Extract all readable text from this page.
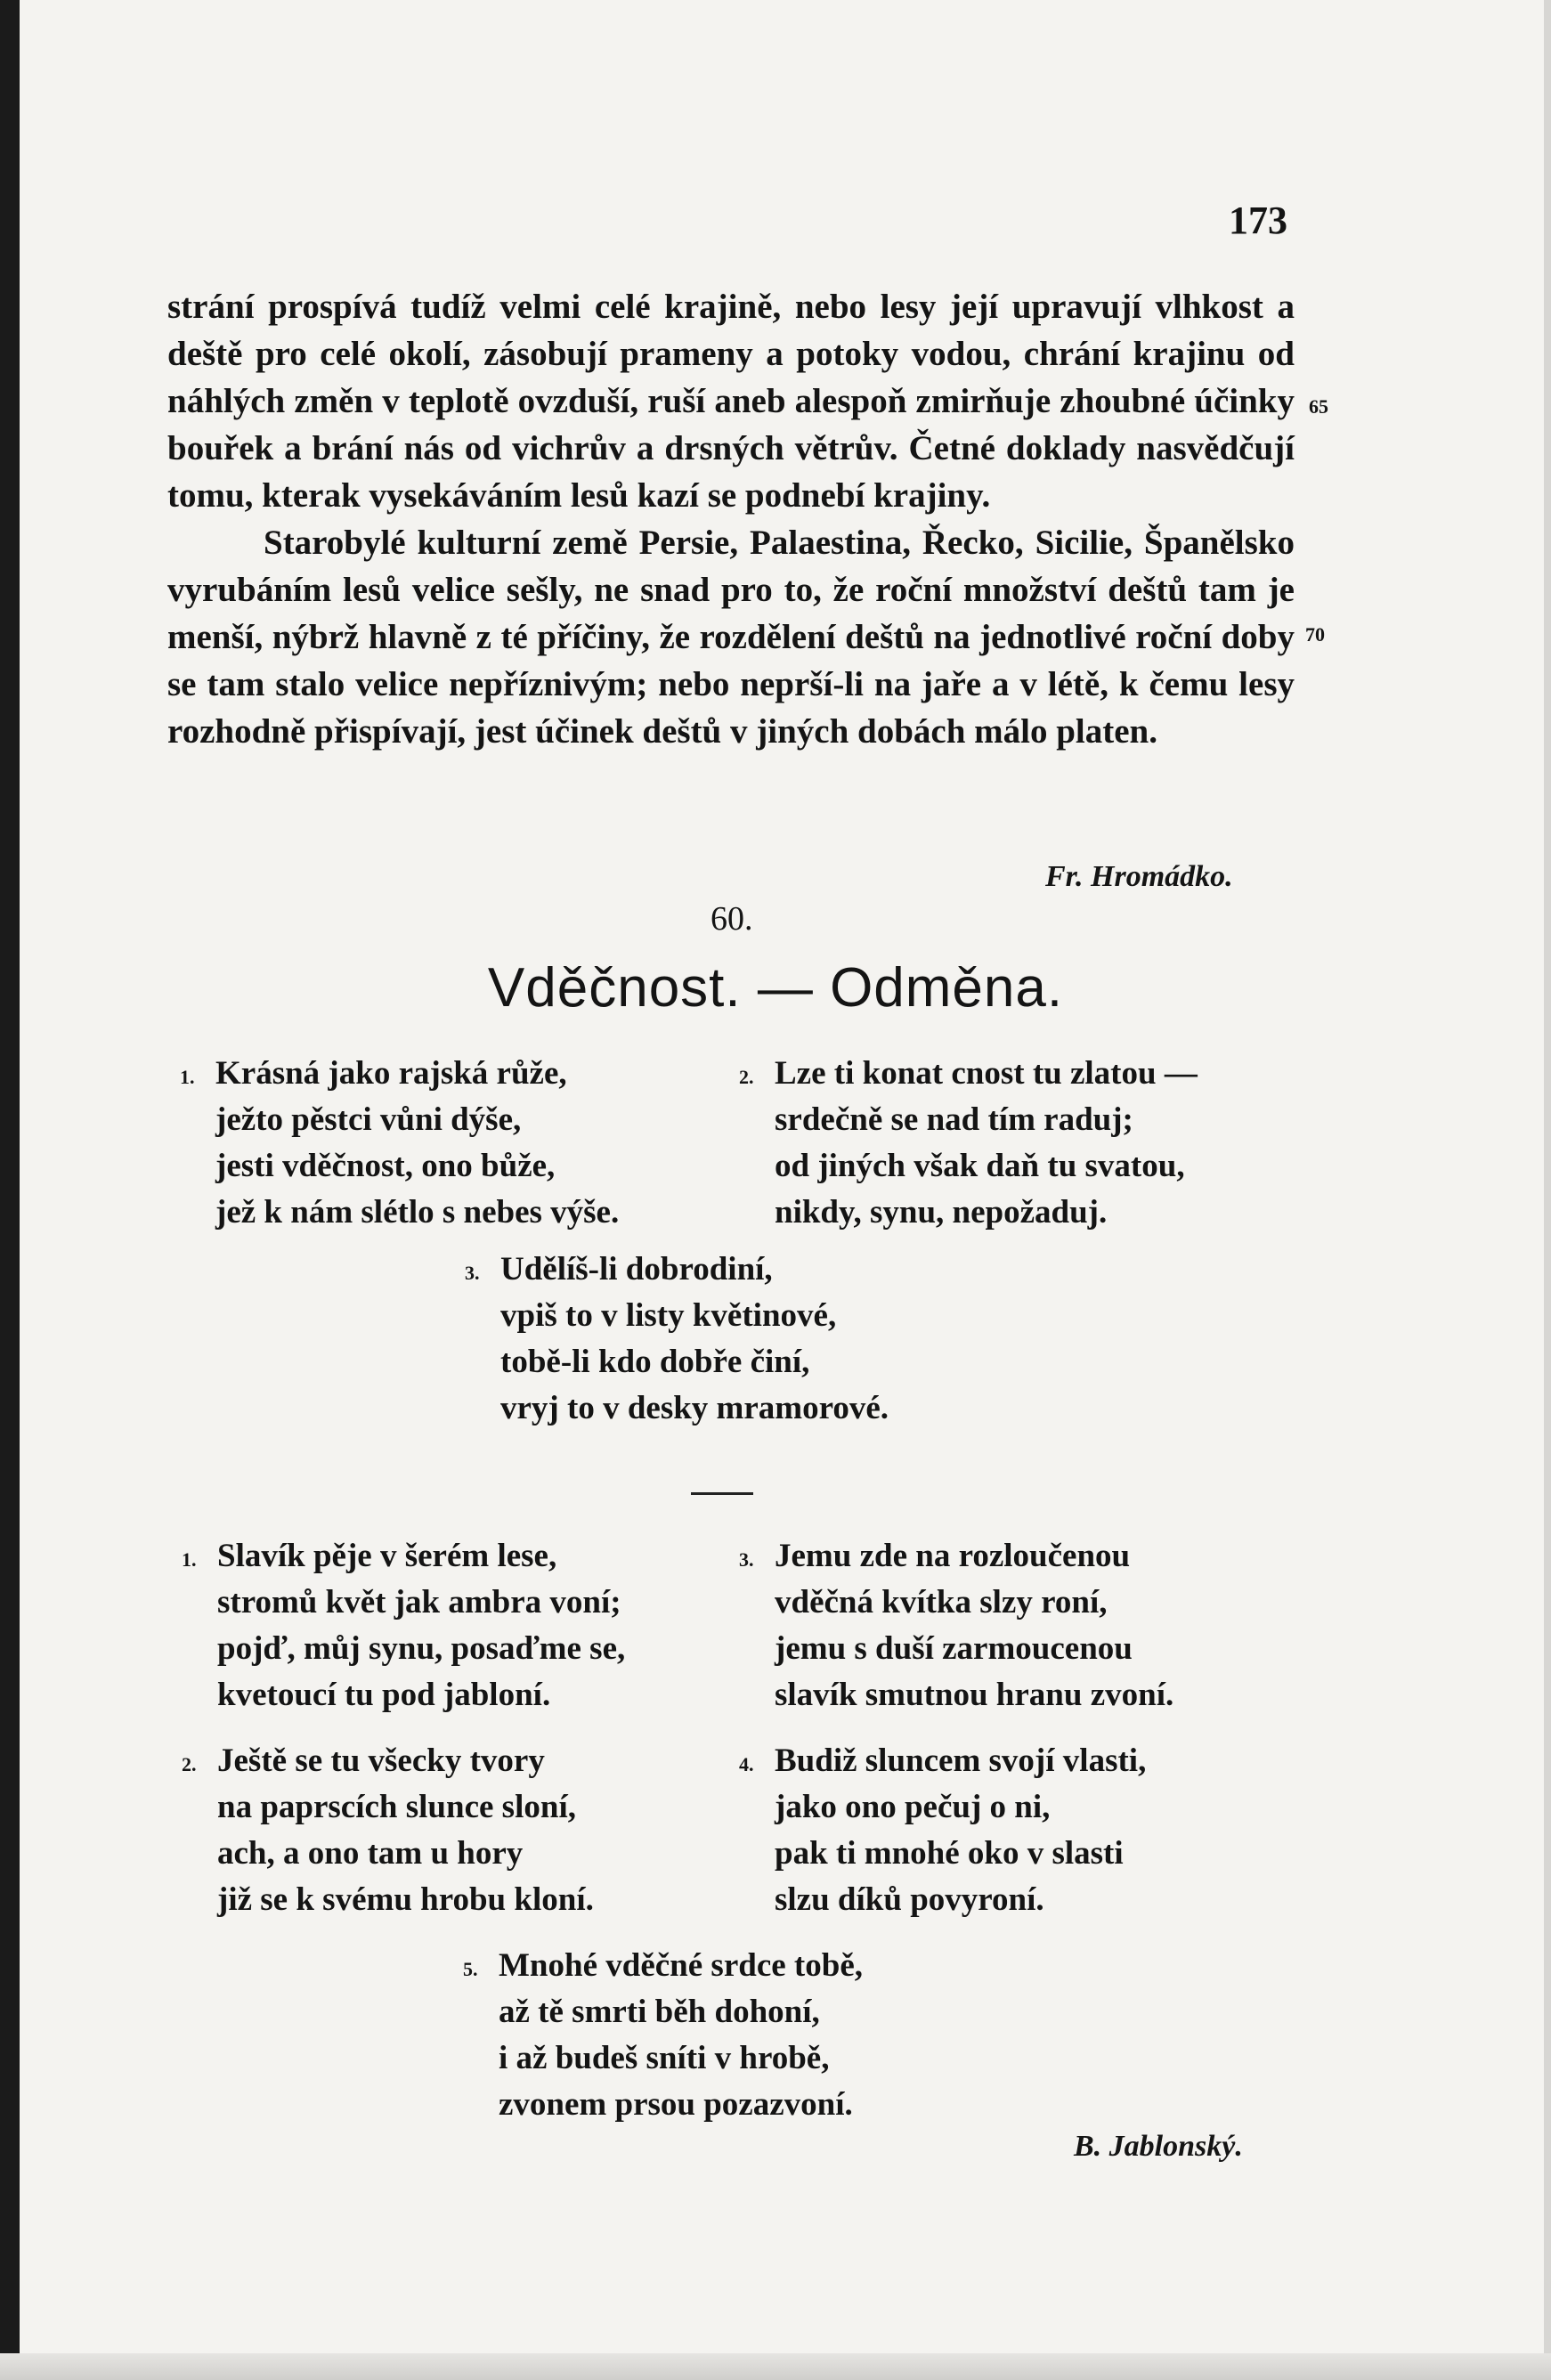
173

strání prospívá tudíž velmi celé krajině, nebo lesy její upravují vlhkost a deště pro celé okolí, zásobují prameny a potoky vodou, chrání krajinu od náhlých změn v teplotě ovzduší, ruší aneb alespoň zmirňuje zhoubné účinky bouřek a brání nás od vichrův a drsných větrův. Četné doklady nasvědčují tomu, kterak vysekáváním lesů kazí se podnebí krajiny.

Starobylé kulturní země Persie, Palaestina, Řecko, Sicilie, Španělsko vyrubáním lesů velice sešly, ne snad pro to, že roční množství deštů tam je menší, nýbrž hlavně z té příčiny, že rozdělení deštů na jednotlivé roční doby se tam stalo velice nepříznivým; nebo neprší-li na jaře a v létě, k čemu lesy rozhodně přispívají, jest účinek deštů v jiných dobách málo platen.

65
70
Fr. Hromádko.
60.
Vděčnost. — Odměna.
1. Krásná jako rajská růže,
ježto pěstci vůni dýše,
jesti vděčnost, ono bůže,
jež k nám slétlo s nebes výše.
2. Lze ti konat cnost tu zlatou —
srdečně se nad tím raduj;
od jiných však daň tu svatou,
nikdy, synu, nepožaduj.
3. Udělíš-li dobrodiní,
vpiš to v listy květinové,
tobě-li kdo dobře činí,
vryj to v desky mramorové.
1. Slavík pěje v šerém lese,
stromů květ jak ambra voní;
pojď, můj synu, posaďme se,
kvetoucí tu pod jabloní.
3. Jemu zde na rozloučenou
vděčná kvítka slzy roní,
jemu s duší zarmoucenou
slavík smutnou hranu zvoní.
2. Ještě se tu všecky tvory
na paprscích slunce sloní,
ach, a ono tam u hory
již se k svému hrobu kloní.
4. Budiž sluncem svojí vlasti,
jako ono pečuj o ni,
pak ti mnohé oko v slasti
slzu díků povyroní.
5. Mnohé vděčné srdce tobě,
až tě smrti běh dohoní,
i až budeš sníti v hrobě,
zvonem prsou pozazvoní.
B. Jablonský.
